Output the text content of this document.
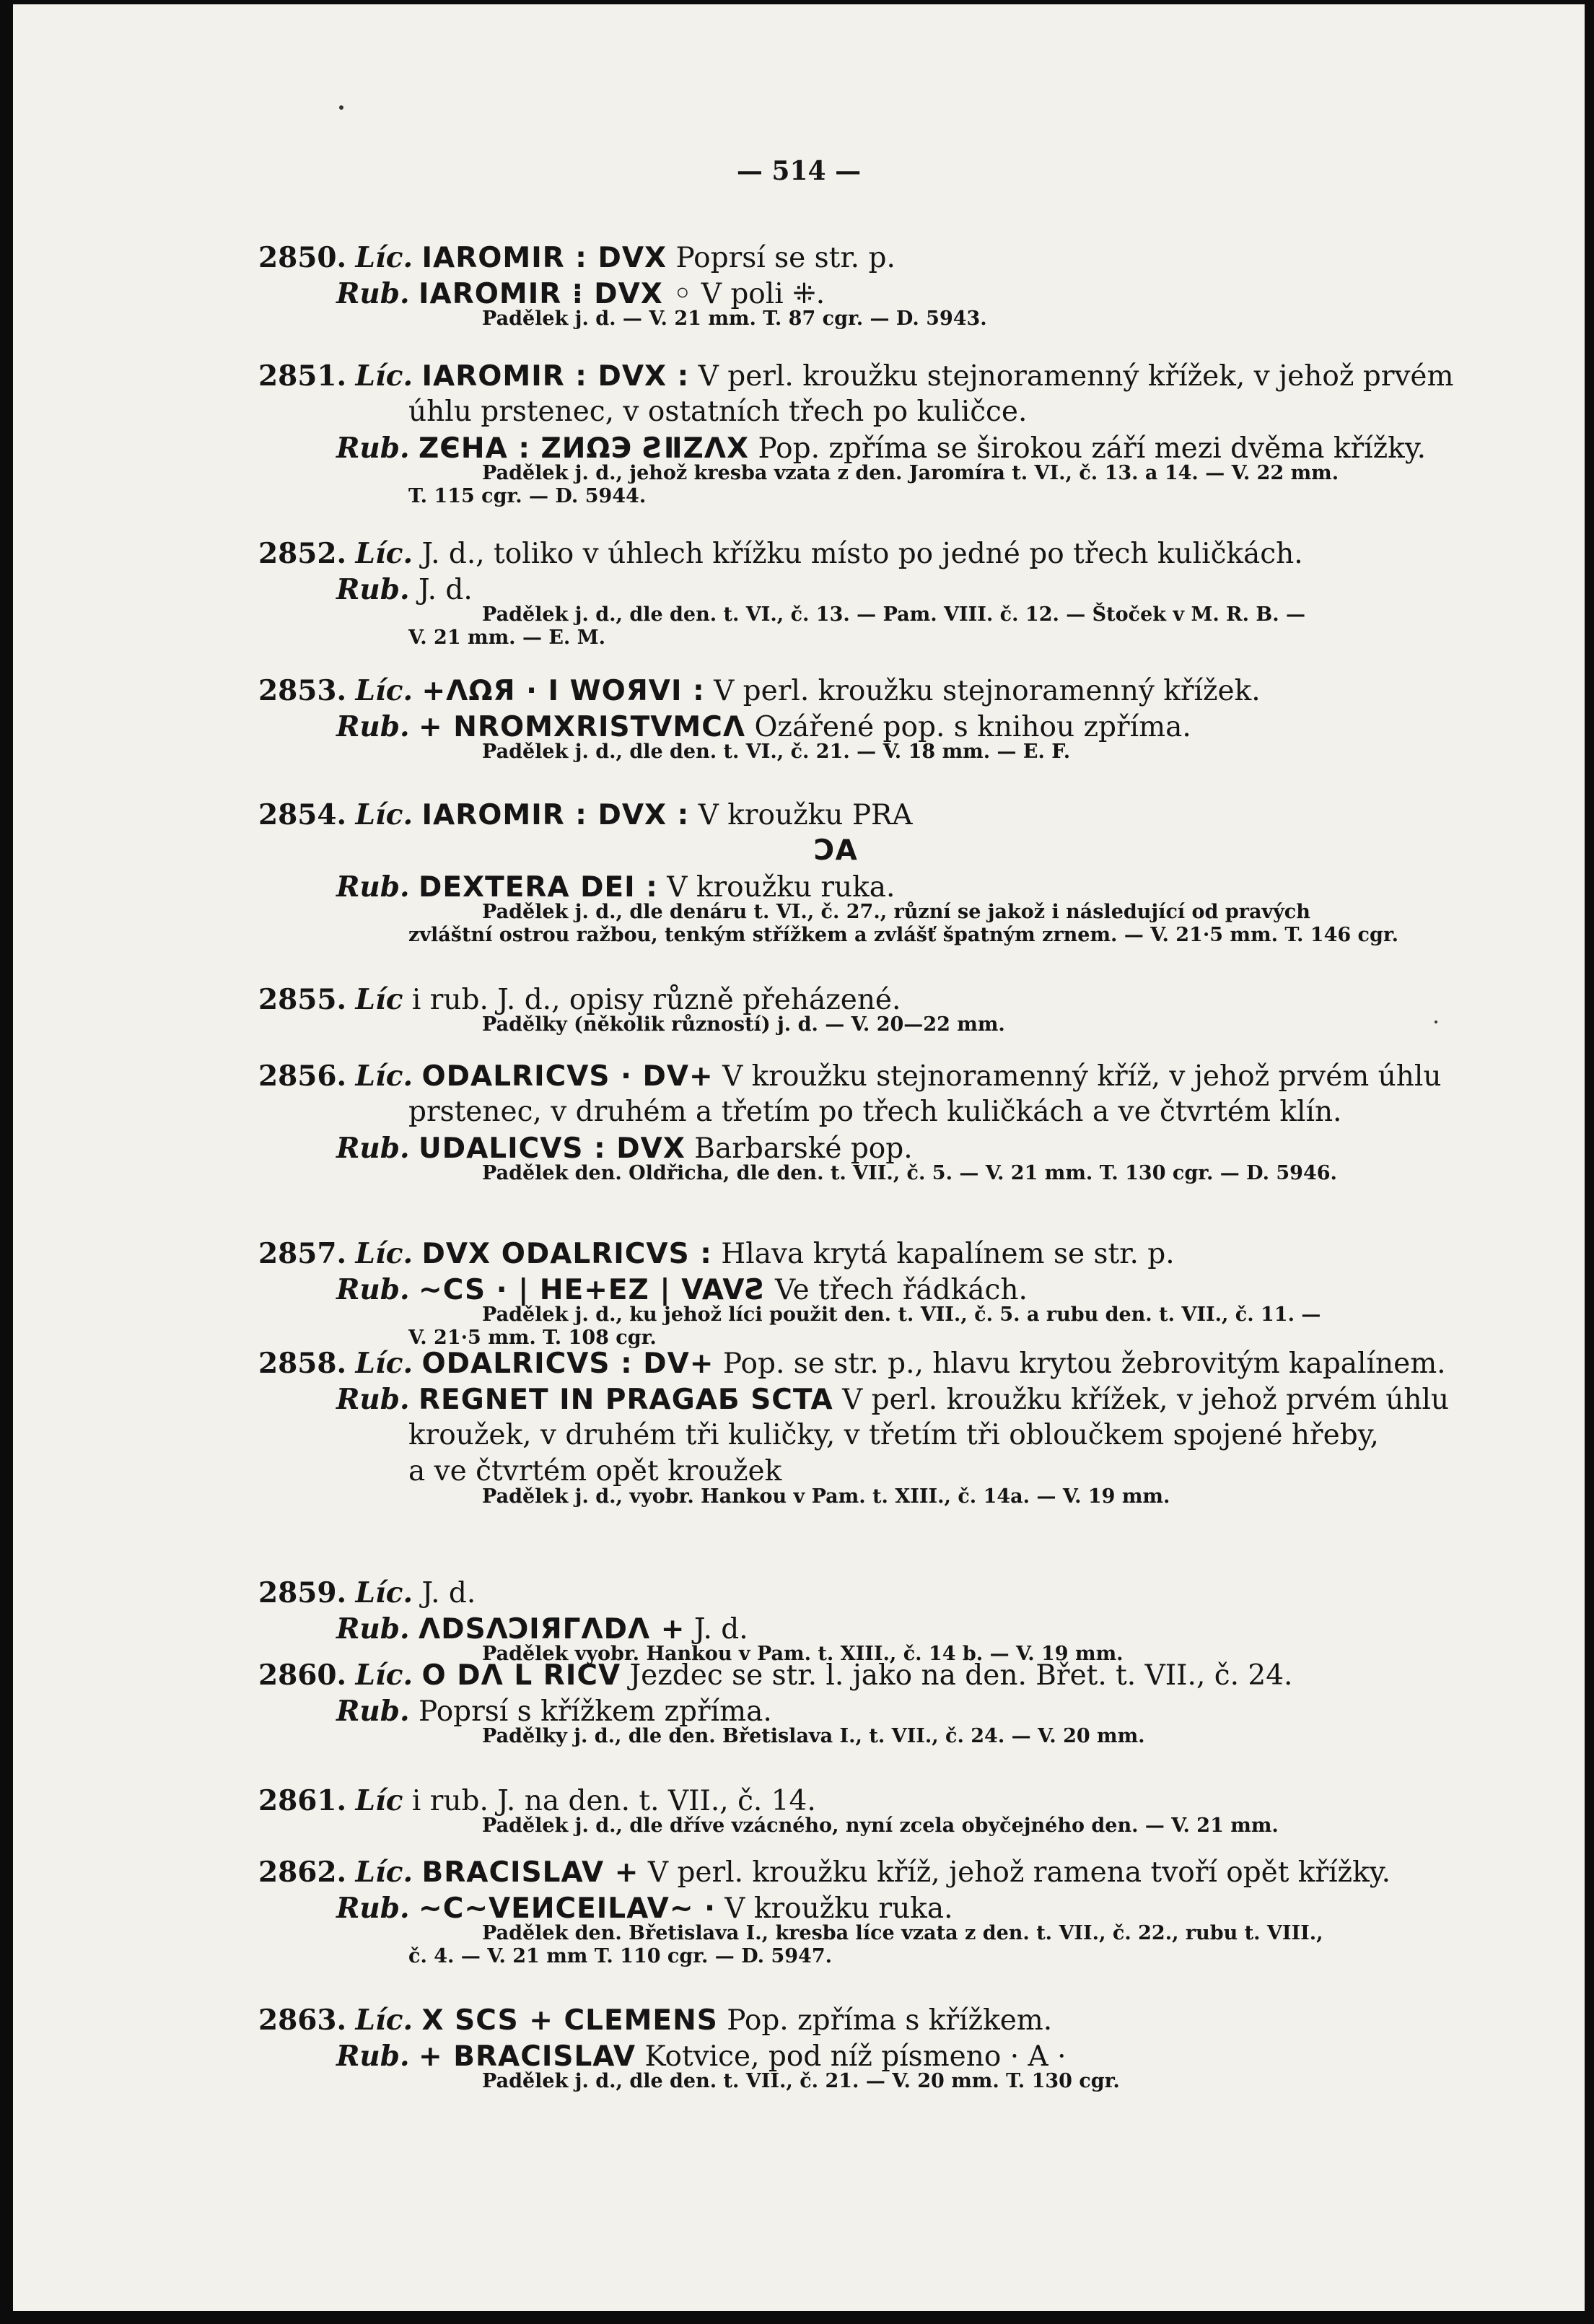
— 514 —
2850. Líc. IAROMIR : DVX Poprsí se str. p.
Rub. IAROMIR ⁝ DVX ◦ V poli ⁜.
Padělek j. d. — V. 21 mm. T. 87 cgr. — D. 5943.
2851. Líc. IAROMIR : DVX : V perl. kroužku stejnoramenný křížek, v jehož prvém
úhlu prstenec, v ostatních třech po kuličce.
Rub. ZЄHA : ZИΩЭ ƧⅡZΛX Pop. zpříma se širokou září mezi dvěma křížky.
Padělek j. d., jehož kresba vzata z den. Jaromíra t. VI., č. 13. a 14. — V. 22 mm.
T. 115 cgr. — D. 5944.
2852. Líc. J. d., toliko v úhlech křížku místo po jedné po třech kuličkách.
Rub. J. d.
Padělek j. d., dle den. t. VI., č. 13. — Pam. VIII. č. 12. — Štoček v M. R. B. —
V. 21 mm. — E. M.
2853. Líc. +ΛΩЯ · I WOЯVI : V perl. kroužku stejnoramenný křížek.
Rub. + NROMXRISTVMCΛ Ozářené pop. s knihou zpříma.
Padělek j. d., dle den. t. VI., č. 21. — V. 18 mm. — E. F.
2854. Líc. IAROMIR : DVX : V kroužku PRA
ƆA
Rub. DEXTERA DEI : V kroužku ruka.
Padělek j. d., dle denáru t. VI., č. 27., různí se jakož i následující od pravých
zvláštní ostrou ražbou, tenkým střížkem a zvlášť špatným zrnem. — V. 21·5 mm. T. 146 cgr.
2855. Líc i rub. J. d., opisy různě přeházené.
Padělky (několik růzností) j. d. — V. 20—22 mm.
2856. Líc. ODALRICVS · DV+ V kroužku stejnoramenný kříž, v jehož prvém úhlu
prstenec, v druhém a třetím po třech kuličkách a ve čtvrtém klín.
Rub. UDALICVS : DVX Barbarské pop.
Padělek den. Oldřicha, dle den. t. VII., č. 5. — V. 21 mm. T. 130 cgr. — D. 5946.
2857. Líc. DVX ODALRICVS : Hlava krytá kapalínem se str. p.
Rub. ~CS · | HE+EZ | VAVƧ Ve třech řádkách.
Padělek j. d., ku jehož líci použit den. t. VII., č. 5. a rubu den. t. VII., č. 11. —
V. 21·5 mm. T. 108 cgr.
2858. Líc. ODALRICVS : DV+ Pop. se str. p., hlavu krytou žebrovitým kapalínem.
Rub. REGNET IN PRAGAБ SCTA V perl. kroužku křížek, v jehož prvém úhlu
kroužek, v druhém tři kuličky, v třetím tři obloučkem spojené hřeby,
a ve čtvrtém opět kroužek
Padělek j. d., vyobr. Hankou v Pam. t. XIII., č. 14a. — V. 19 mm.
2859. Líc. J. d.
Rub. ΛDSΛϽIЯΓΛDΛ + J. d.
Padělek vyobr. Hankou v Pam. t. XIII., č. 14 b. — V. 19 mm.
2860. Líc. O DΛ L RICV Jezdec se str. l. jako na den. Břet. t. VII., č. 24.
Rub. Poprsí s křížkem zpříma.
Padělky j. d., dle den. Břetislava I., t. VII., č. 24. — V. 20 mm.
2861. Líc i rub. J. na den. t. VII., č. 14.
Padělek j. d., dle dříve vzácného, nyní zcela obyčejného den. — V. 21 mm.
2862. Líc. BRACISLAV + V perl. kroužku kříž, jehož ramena tvoří opět křížky.
Rub. ~C~VEИCEILAV~ · V kroužku ruka.
Padělek den. Břetislava I., kresba líce vzata z den. t. VII., č. 22., rubu t. VIII.,
č. 4. — V. 21 mm T. 110 cgr. — D. 5947.
2863. Líc. X SCS + CLEMENS Pop. zpříma s křížkem.
Rub. + BRACISLAV Kotvice, pod níž písmeno · A ·
Padělek j. d., dle den. t. VII., č. 21. — V. 20 mm. T. 130 cgr.
